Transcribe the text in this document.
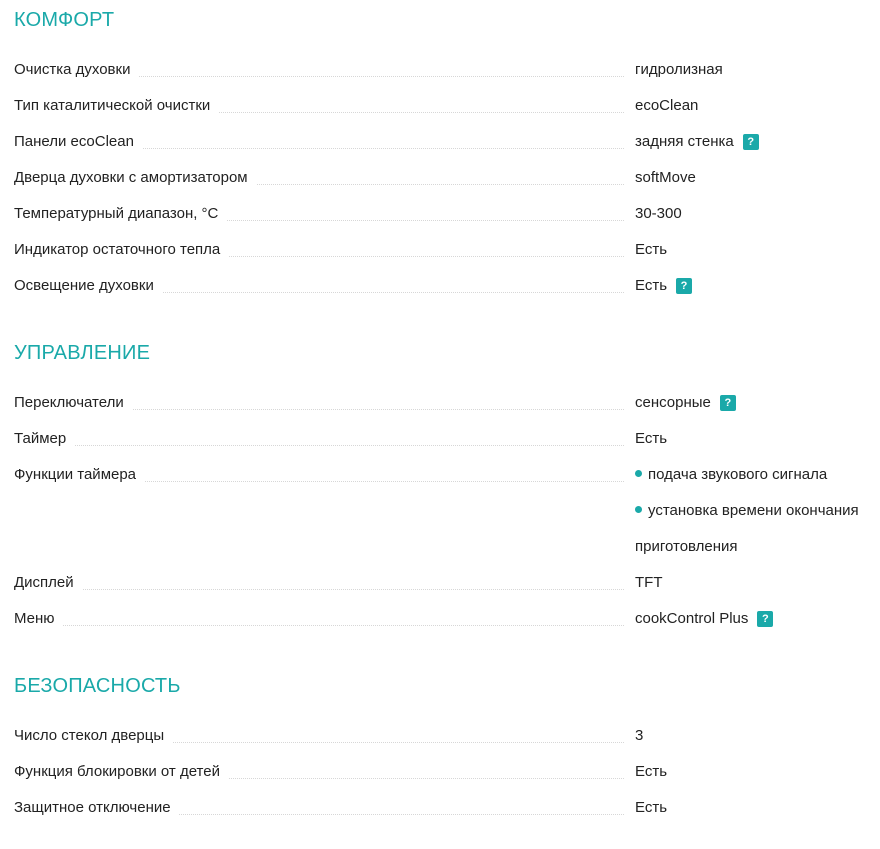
КОМФОРТ
Очистка духовки	гидролизная
Тип каталитической очистки	ecoClean
Панели ecoClean	задняя стенка ?
Дверца духовки с амортизатором	softMove
Температурный диапазон, °C	30-300
Индикатор остаточного тепла	Есть
Освещение духовки	Есть ?
УПРАВЛЕНИЕ
Переключатели	сенсорные ?
Таймер	Есть
Функции таймера	подача звукового сигнала
установка времени окончания
приготовления
Дисплей	TFT
Меню	cookControl Plus ?
БЕЗОПАСНОСТЬ
Число стекол дверцы	3
Функция блокировки от детей	Есть
Защитное отключение	Есть
